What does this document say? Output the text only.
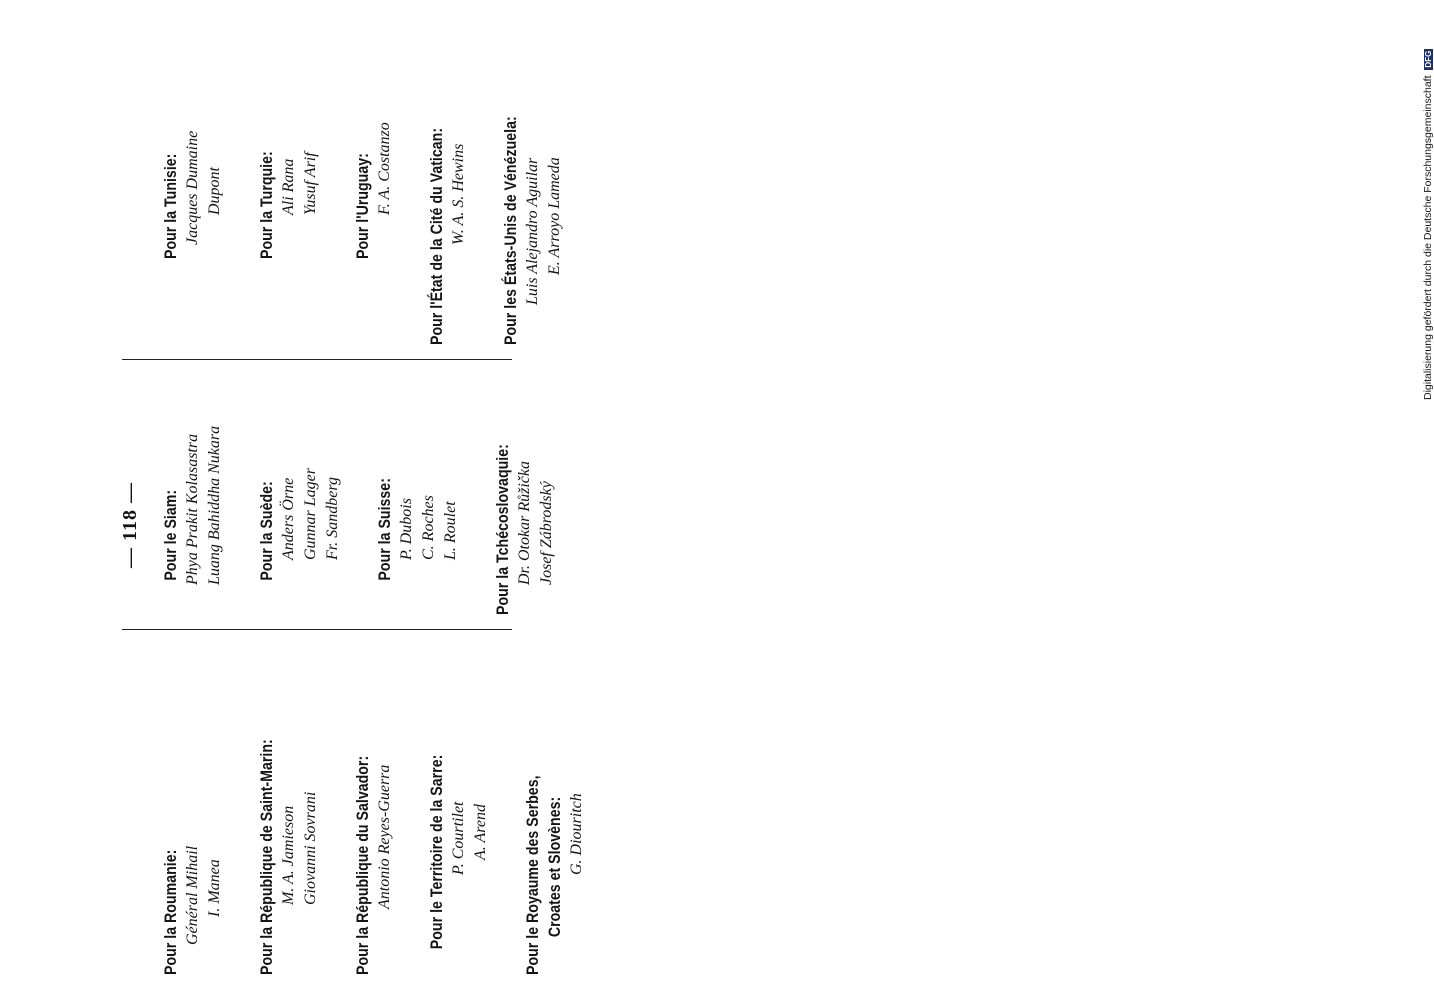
— 118 —
Pour la Roumanie: Général Mihail I. Manea Pour la République de Saint-Marin: M. A. Jamieson Giovanni Sovrani Pour la République du Salvador: Antonio Reyes-Guerra Pour le Territoire de la Sarre: P. Courtilet A. Arend Pour le Royaume des Serbes, Croates et Slovènes: G. Diouritch
Pour le Siam: Phya Prakit Kolasastra Luang Bahiddha Nukara Pour la Suède: Anders Örne Gunnar Lager Fr. Sandberg Pour la Suisse: P. Dubois C. Roches L. Roulet Pour la Tchécoslovaquie: Dr. Otokar Růžička Josef Zábrodský
Pour la Tunisie: Jacques Dumaine Dupont Pour la Turquie: Ali Rana Yusuf Arif Pour l'Uruguay: F. A. Costanzo Pour l'État de la Cité du Vatican: W. A. S. Hewins Pour les États-Unis de Vénézuela: Luis Alejandro Aguilar E. Arroyo Lameda	Digitalisierung gefördert durch die Deutsche Forschungsgemeinschaft DFG
